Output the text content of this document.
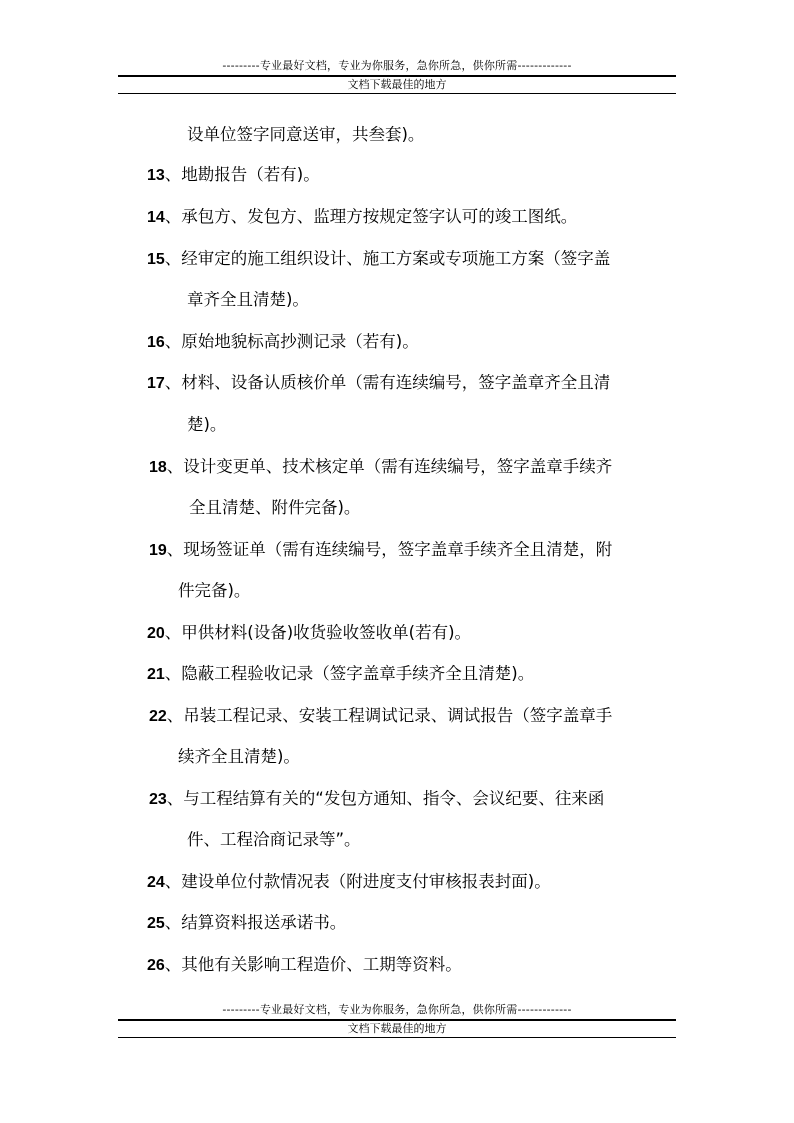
---------专业最好文档，专业为你服务，急你所急，供你所需-------------
文档下载最佳的地方
设单位签字同意送审，共叁套)。
13、地勘报告（若有)。
14、承包方、发包方、监理方按规定签字认可的竣工图纸。
15、经审定的施工组织设计、施工方案或专项施工方案（签字盖
章齐全且清楚)。
16、原始地貌标高抄测记录（若有)。
17、材料、设备认质核价单（需有连续编号，签字盖章齐全且清
楚)。
18、设计变更单、技术核定单（需有连续编号，签字盖章手续齐
全且清楚、附件完备)。
19、现场签证单（需有连续编号，签字盖章手续齐全且清楚，附
件完备)。
20、甲供材料(设备)收货验收签收单(若有)。
21、隐蔽工程验收记录（签字盖章手续齐全且清楚)。
22、吊装工程记录、安装工程调试记录、调试报告（签字盖章手
续齐全且清楚)。
23、与工程结算有关的“发包方通知、指令、会议纪要、往来函
件、工程洽商记录等”。
24、建设单位付款情况表（附进度支付审核报表封面)。
25、结算资料报送承诺书。
26、其他有关影响工程造价、工期等资料。
---------专业最好文档，专业为你服务，急你所急，供你所需-------------
文档下载最佳的地方
